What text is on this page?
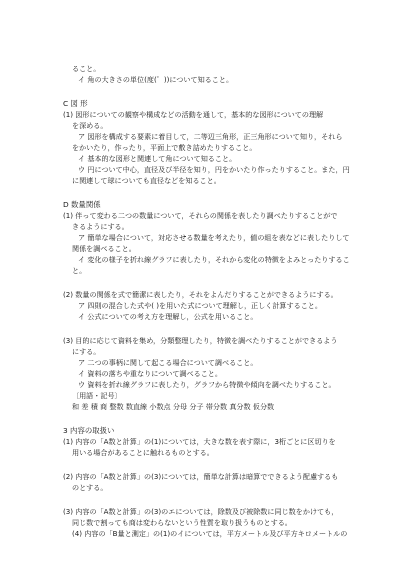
ること。
イ 角の大きさの単位(度(゜))について知ること。
C 図 形
(1) 図形についての観察や構成などの活動を通して，基本的な図形についての理解
を深める。
ア 図形を構成する要素に着目して，二等辺三角形，正三角形について知り，それら
をかいたり，作ったり，平面上で敷き詰めたりすること。
イ 基本的な図形と関連して角について知ること。
ウ 円について中心，直径及び半径を知り，円をかいたり作ったりすること。また，円
に関連して球についても直径などを知ること。
D 数量関係
(1) 伴って変わる二つの数量について，それらの関係を表したり調べたりすることがで
きるようにする。
ア 簡単な場合について，対応させる数量を考えたり，値の組を表などに表したりして
関係を調べること。
イ 変化の様子を折れ線グラフに表したり，それから変化の特徴をよみとったりするこ
と。
(2) 数量の関係を式で簡潔に表したり，それをよんだりすることができるようにする。
ア 四則の混合した式や( )を用いた式について理解し，正しく計算すること。
イ 公式についての考え方を理解し，公式を用いること。
(3) 目的に応じて資料を集め，分類整理したり，特徴を調べたりすることができるよう
にする。
ア 二つの事柄に関して起こる場合について調べること。
イ 資料の落ちや重なりについて調べること。
ウ 資料を折れ線グラフに表したり，グラフから特徴や傾向を調べたりすること。
〔用語・記号〕
和 差 積 商 整数 数直線 小数点 分母 分子 帯分数 真分数 仮分数
3 内容の取扱い
(1) 内容の「A数と計算」の(1)については，大きな数を表す際に，3桁ごとに区切りを
用いる場合があることに触れるものとする。
(2) 内容の「A数と計算」の(3)については，簡単な計算は暗算でできるよう配慮するも
のとする。
(3) 内容の「A数と計算」の(3)のエについては，除数及び被除数に同じ数をかけても，
同じ数で割っても商は変わらないという性質を取り扱うものとする。
(4) 内容の「B量と測定」の(1)のイについては，平方メートル及び平方キロメートルの
